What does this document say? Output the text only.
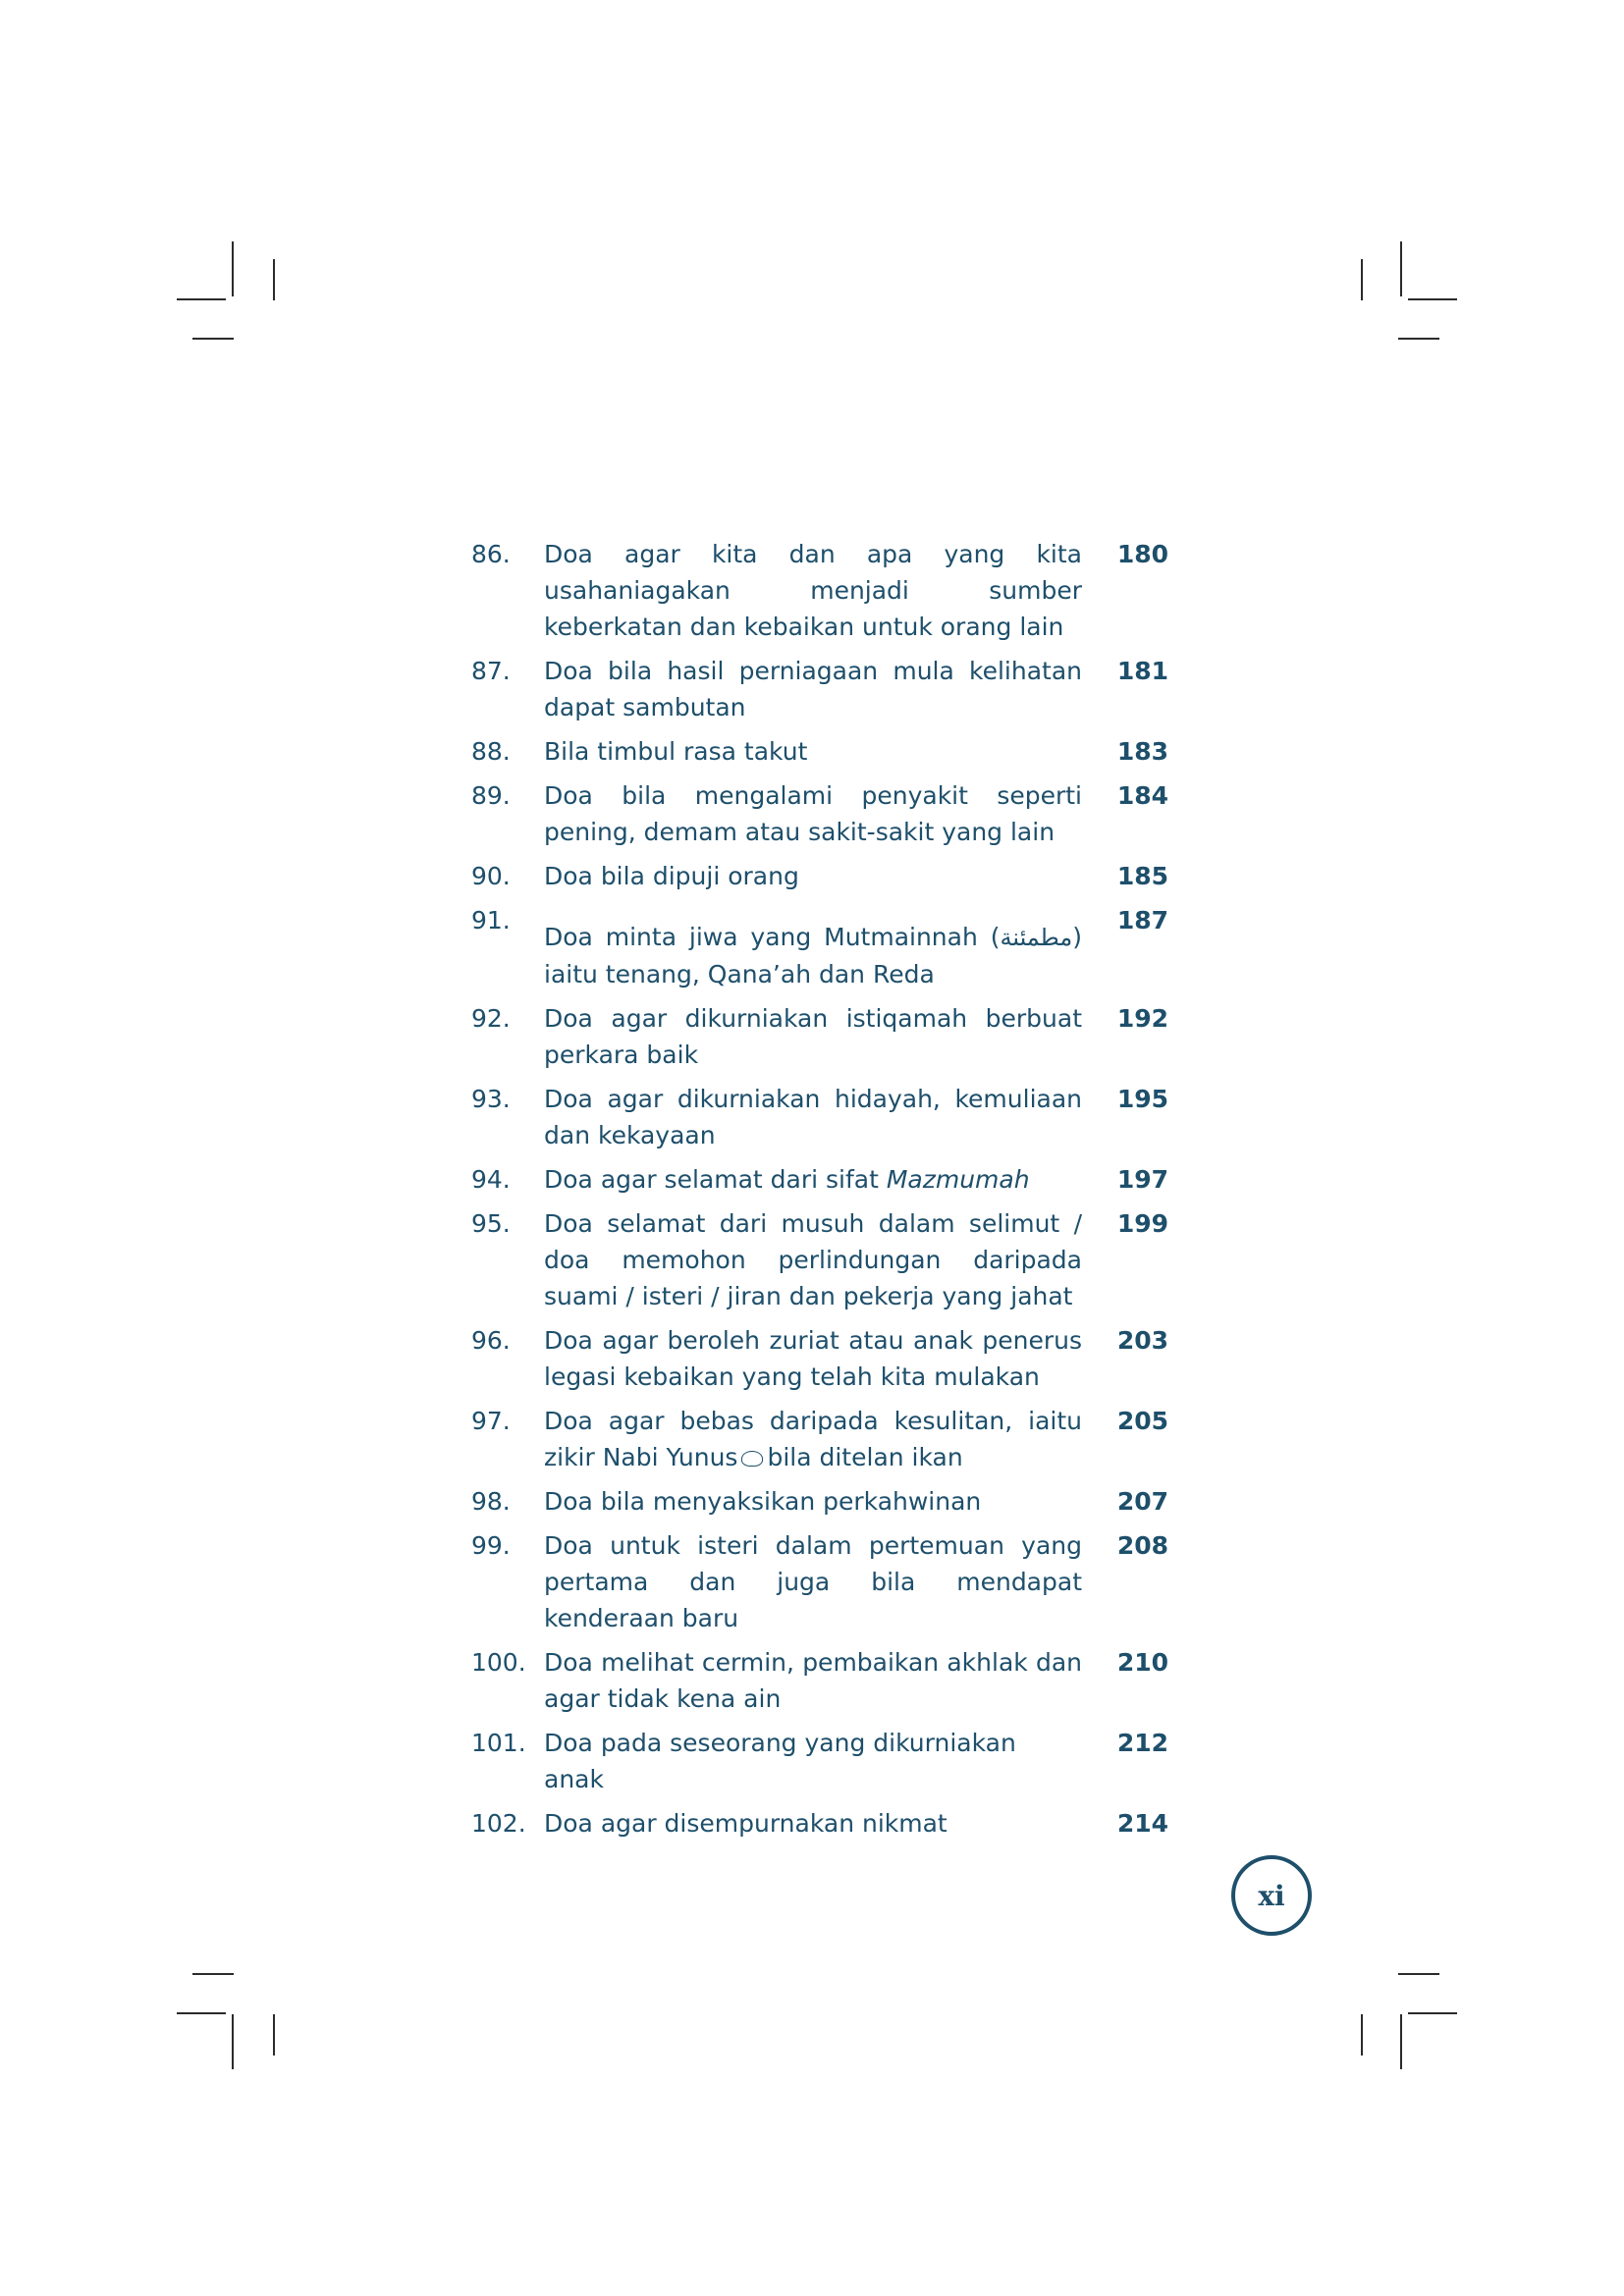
86.	Doa agar kita dan apa yang kita usahaniagakan menjadi sumber keberkatan dan kebaikan untuk orang lain
180
87.	Doa bila hasil perniagaan mula kelihatan dapat sambutan
181
88.	Bila timbul rasa takut	183
89.	Doa bila mengalami penyakit seperti pening, demam atau sakit-sakit yang lain
184
90.	Doa bila dipuji orang	185
91.
Doa minta jiwa yang Mutmainnah (مطمئنة) iaitu tenang, Qana’ah dan Reda
187
92.	Doa agar dikurniakan istiqamah berbuat perkara baik
192
93.	Doa agar dikurniakan hidayah, kemuliaan dan kekayaan
195
94.	Doa agar selamat dari sifat Mazmumah	197
95.	Doa selamat dari musuh dalam selimut / doa memohon perlindungan daripada suami / isteri / jiran dan pekerja yang jahat
199
96.	Doa agar beroleh zuriat atau anak penerus legasi kebaikan yang telah kita mulakan
203
97.	Doa agar bebas daripada kesulitan, iaitu zikir Nabi Yunus bila ditelan ikan
205
98.	Doa bila menyaksikan perkahwinan	207
99.	Doa untuk isteri dalam pertemuan yang pertama dan juga bila mendapat kenderaan baru
208
100. Doa melihat cermin, pembaikan akhlak dan agar tidak kena ain
210
101. Doa pada seseorang yang dikurniakan anak
212
102. Doa agar disempurnakan nikmat	214
xi
